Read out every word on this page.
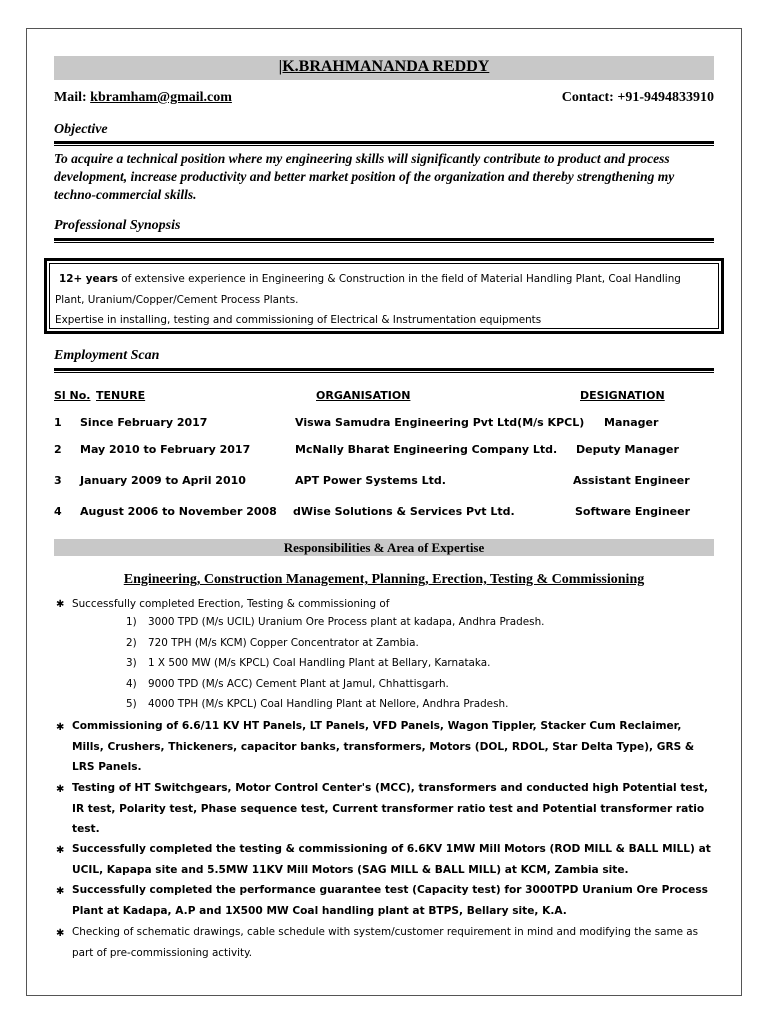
|K.BRAHMANANDA REDDY
Mail: kbramham@gmail.com	Contact: +91-9494833910
Objective
To acquire a technical position where my engineering skills will significantly contribute to product and process development, increase productivity and better market position of the organization and thereby strengthening my techno-commercial skills.
Professional Synopsis
12+ years of extensive experience in Engineering & Construction in the field of Material Handling Plant, Coal Handling
Plant, Uranium/Copper/Cement Process Plants.
Expertise in installing, testing and commissioning of Electrical & Instrumentation equipments
Employment Scan
Sl No. TENURE	ORGANISATION	DESIGNATION
1 Since February 2017	Viswa Samudra Engineering Pvt Ltd(M/s KPCL) Manager
2 May 2010 to February 2017	McNally Bharat Engineering Company Ltd. Deputy Manager
3 January 2009 to April 2010	APT Power Systems Ltd.	Assistant Engineer
4 August 2006 to November 2008 dWise Solutions & Services Pvt Ltd.	Software Engineer
Responsibilities & Area of Expertise
Engineering, Construction Management, Planning, Erection, Testing & Commissioning
✱ Successfully completed Erection, Testing & commissioning of
1) 3000 TPD (M/s UCIL) Uranium Ore Process plant at kadapa, Andhra Pradesh.
2) 720 TPH (M/s KCM) Copper Concentrator at Zambia.
3) 1 X 500 MW (M/s KPCL) Coal Handling Plant at Bellary, Karnataka.
4) 9000 TPD (M/s ACC) Cement Plant at Jamul, Chhattisgarh.
5) 4000 TPH (M/s KPCL) Coal Handling Plant at Nellore, Andhra Pradesh.
✱ Commissioning of 6.6/11 KV HT Panels, LT Panels, VFD Panels, Wagon Tippler, Stacker Cum Reclaimer, Mills, Crushers, Thickeners, capacitor banks, transformers, Motors (DOL, RDOL, Star Delta Type), GRS & LRS Panels.
✱ Testing of HT Switchgears, Motor Control Center's (MCC), transformers and conducted high Potential test, IR test, Polarity test, Phase sequence test, Current transformer ratio test and Potential transformer ratio test.
✱ Successfully completed the testing & commissioning of 6.6KV 1MW Mill Motors (ROD MILL & BALL MILL) at UCIL, Kapapa site and 5.5MW 11KV Mill Motors (SAG MILL & BALL MILL) at KCM, Zambia site.
✱ Successfully completed the performance guarantee test (Capacity test) for 3000TPD Uranium Ore Process Plant at Kadapa, A.P and 1X500 MW Coal handling plant at BTPS, Bellary site, K.A.
✱ Checking of schematic drawings, cable schedule with system/customer requirement in mind and modifying the same as part of pre-commissioning activity.
